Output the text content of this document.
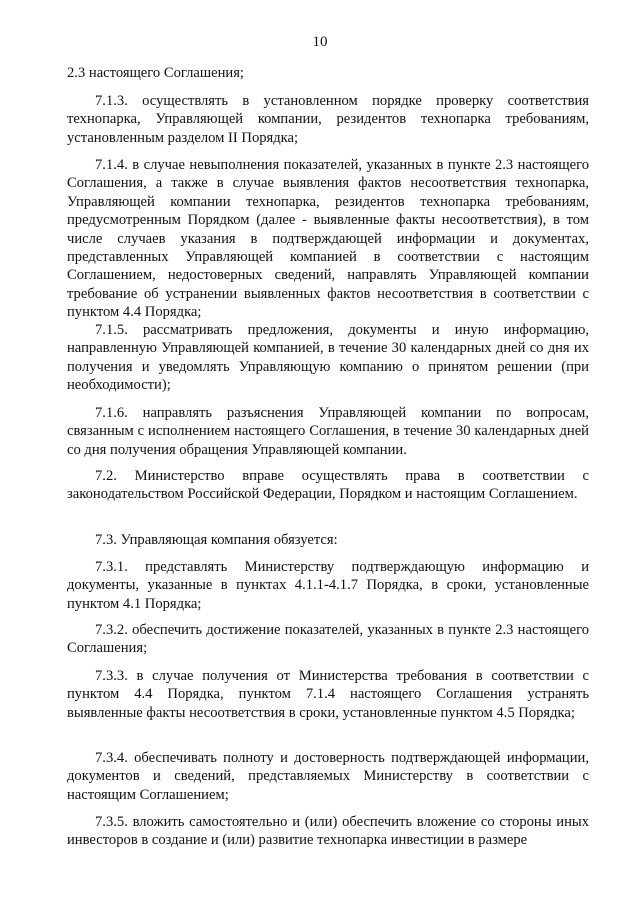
10

2.3 настоящего Соглашения;

7.1.3. осуществлять в установленном порядке проверку соответствия технопарка, Управляющей компании, резидентов технопарка требованиям, установленным разделом II Порядка;

7.1.4. в случае невыполнения показателей, указанных в пункте 2.3 настоящего Соглашения, а также в случае выявления фактов несоответствия технопарка, Управляющей компании технопарка, резидентов технопарка требованиям, предусмотренным Порядком (далее - выявленные факты несоответствия), в том числе случаев указания в подтверждающей информации и документах, представленных Управляющей компанией в соответствии с настоящим Соглашением, недостоверных сведений, направлять Управляющей компании требование об устранении выявленных фактов несоответствия в соответствии с пунктом 4.4 Порядка;

7.1.5. рассматривать предложения, документы и иную информацию, направленную Управляющей компанией, в течение 30 календарных дней со дня их получения и уведомлять Управляющую компанию о принятом решении (при необходимости);

7.1.6. направлять разъяснения Управляющей компании по вопросам, связанным с исполнением настоящего Соглашения, в течение 30 календарных дней со дня получения обращения Управляющей компании.

7.2. Министерство вправе осуществлять права в соответствии с законодательством Российской Федерации, Порядком и настоящим Соглашением.

7.3. Управляющая компания обязуется:

7.3.1. представлять Министерству подтверждающую информацию и документы, указанные в пунктах 4.1.1-4.1.7 Порядка, в сроки, установленные пунктом 4.1 Порядка;

7.3.2. обеспечить достижение показателей, указанных в пункте 2.3 настоящего Соглашения;

7.3.3. в случае получения от Министерства требования в соответствии с пунктом 4.4 Порядка, пунктом 7.1.4 настоящего Соглашения устранять выявленные факты несоответствия в сроки, установленные пунктом 4.5 Порядка;

7.3.4. обеспечивать полноту и достоверность подтверждающей информации, документов и сведений, представляемых Министерству в соответствии с настоящим Соглашением;

7.3.5. вложить самостоятельно и (или) обеспечить вложение со стороны иных инвесторов в создание и (или) развитие технопарка инвестиции в размере
